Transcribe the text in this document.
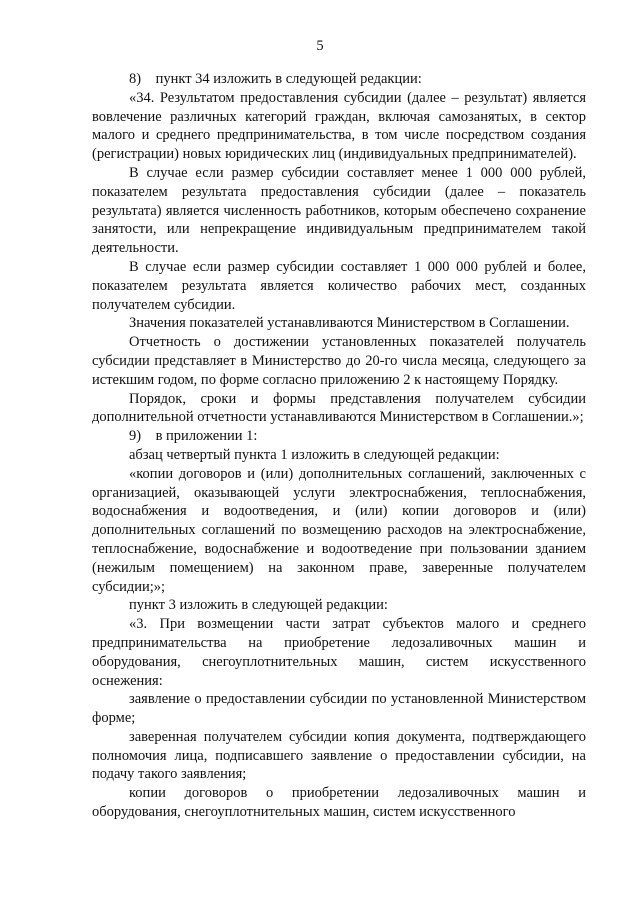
5

8)    пункт 34 изложить в следующей редакции:

«34. Результатом предоставления субсидии (далее – результат) является вовлечение различных категорий граждан, включая самозанятых, в сектор малого и среднего предпринимательства, в том числе посредством создания (регистрации) новых юридических лиц (индивидуальных предпринимателей).

В случае если размер субсидии составляет менее 1 000 000 рублей, показателем результата предоставления субсидии (далее – показатель результата) является численность работников, которым обеспечено сохранение занятости, или непрекращение индивидуальным предпринимателем такой деятельности.

В случае если размер субсидии составляет 1 000 000 рублей и более, показателем результата является количество рабочих мест, созданных получателем субсидии.

Значения показателей устанавливаются Министерством в Соглашении.

Отчетность о достижении установленных показателей получатель субсидии представляет в Министерство до 20-го числа месяца, следующего за истекшим годом, по форме согласно приложению 2 к настоящему Порядку.

Порядок, сроки и формы представления получателем субсидии дополнительной отчетности устанавливаются Министерством в Соглашении.»;

9)    в приложении 1:

абзац четвертый пункта 1 изложить в следующей редакции:

«копии договоров и (или) дополнительных соглашений, заключенных с организацией, оказывающей услуги электроснабжения, теплоснабжения, водоснабжения и водоотведения, и (или) копии договоров и (или) дополнительных соглашений по возмещению расходов на электроснабжение, теплоснабжение, водоснабжение и водоотведение при пользовании зданием (нежилым помещением) на законном праве, заверенные получателем субсидии;»;

пункт 3 изложить в следующей редакции:

«3. При возмещении части затрат субъектов малого и среднего предпринимательства на приобретение ледозаливочных машин и оборудования, снегоуплотнительных машин, систем искусственного оснежения:

заявление о предоставлении субсидии по установленной Министерством форме;

заверенная получателем субсидии копия документа, подтверждающего полномочия лица, подписавшего заявление о предоставлении субсидии, на подачу такого заявления;

копии договоров о приобретении ледозаливочных машин и оборудования, снегоуплотнительных машин, систем искусственного
